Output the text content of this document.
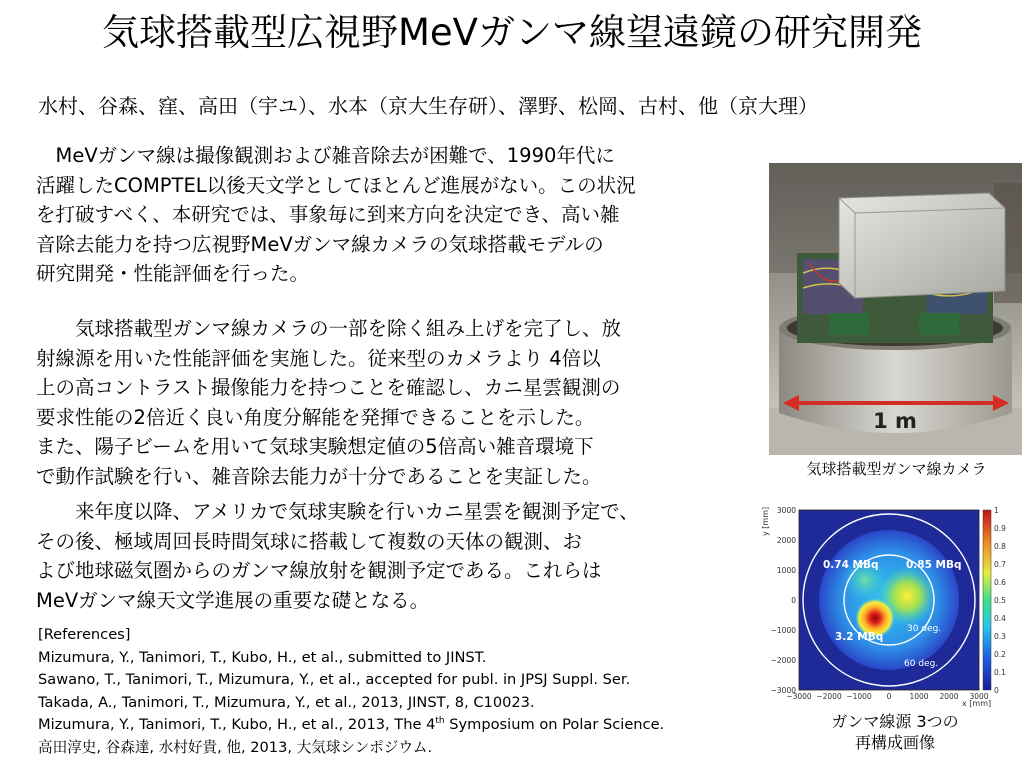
気球搭載型広視野MeVガンマ線望遠鏡の研究開発
水村、谷森、窪、高田（宇ユ）、水本（京大生存研）、澤野、松岡、古村、他（京大理）

　MeVガンマ線は撮像観測および雑音除去が困難で、1990年代に

活躍したCOMPTEL以後天文学としてほとんど進展がない。この状況

を打破すべく、本研究では、事象毎に到来方向を決定でき、高い雑

音除去能力を持つ広視野MeVガンマ線カメラの気球搭載モデルの

研究開発・性能評価を行った。

　　気球搭載型ガンマ線カメラの一部を除く組み上げを完了し、放

射線源を用いた性能評価を実施した。従来型のカメラより 4倍以

上の高コントラスト撮像能力を持つことを確認し、カニ星雲観測の

要求性能の2倍近く良い角度分解能を発揮できることを示した。

また、陽子ビームを用いて気球実験想定値の5倍高い雑音環境下

で動作試験を行い、雑音除去能力が十分であることを実証した。

　　来年度以降、アメリカで気球実験を行いカニ星雲を観測予定で、

その後、極域周回長時間気球に搭載して複数の天体の観測、お

よび地球磁気圏からのガンマ線放射を観測予定である。これらは

MeVガンマ線天文学進展の重要な礎となる。

[References]
Mizumura, Y., Tanimori, T., Kubo, H., et al., submitted to JINST.
Sawano, T., Tanimori, T., Mizumura, Y., et al., accepted for publ. in JPSJ Suppl. Ser.
Takada, A., Tanimori, T., Mizumura, Y., et al., 2013, JINST, 8, C10023.
Mizumura, Y., Tanimori, T., Kubo, H., et al., 2013, The 4th Symposium on Polar Science.
高田淳史, 谷森達, 水村好貴, 他, 2013, 大気球シンポジウム.
1 m
気球搭載型ガンマ線カメラ
0.74 MBq	0.85 MBq
3.2 MBq
30 deg.
60 deg.
1
0.9
0.8
0.7
0.6
0.5
0.4
0.3
0.2
0.1
0
−3000 −2000 −1000 0 1000 2000 3000
3000
2000
1000
0
−1000
−2000
−3000
x [mm]
y [mm]
ガンマ線源 3つの
再構成画像
